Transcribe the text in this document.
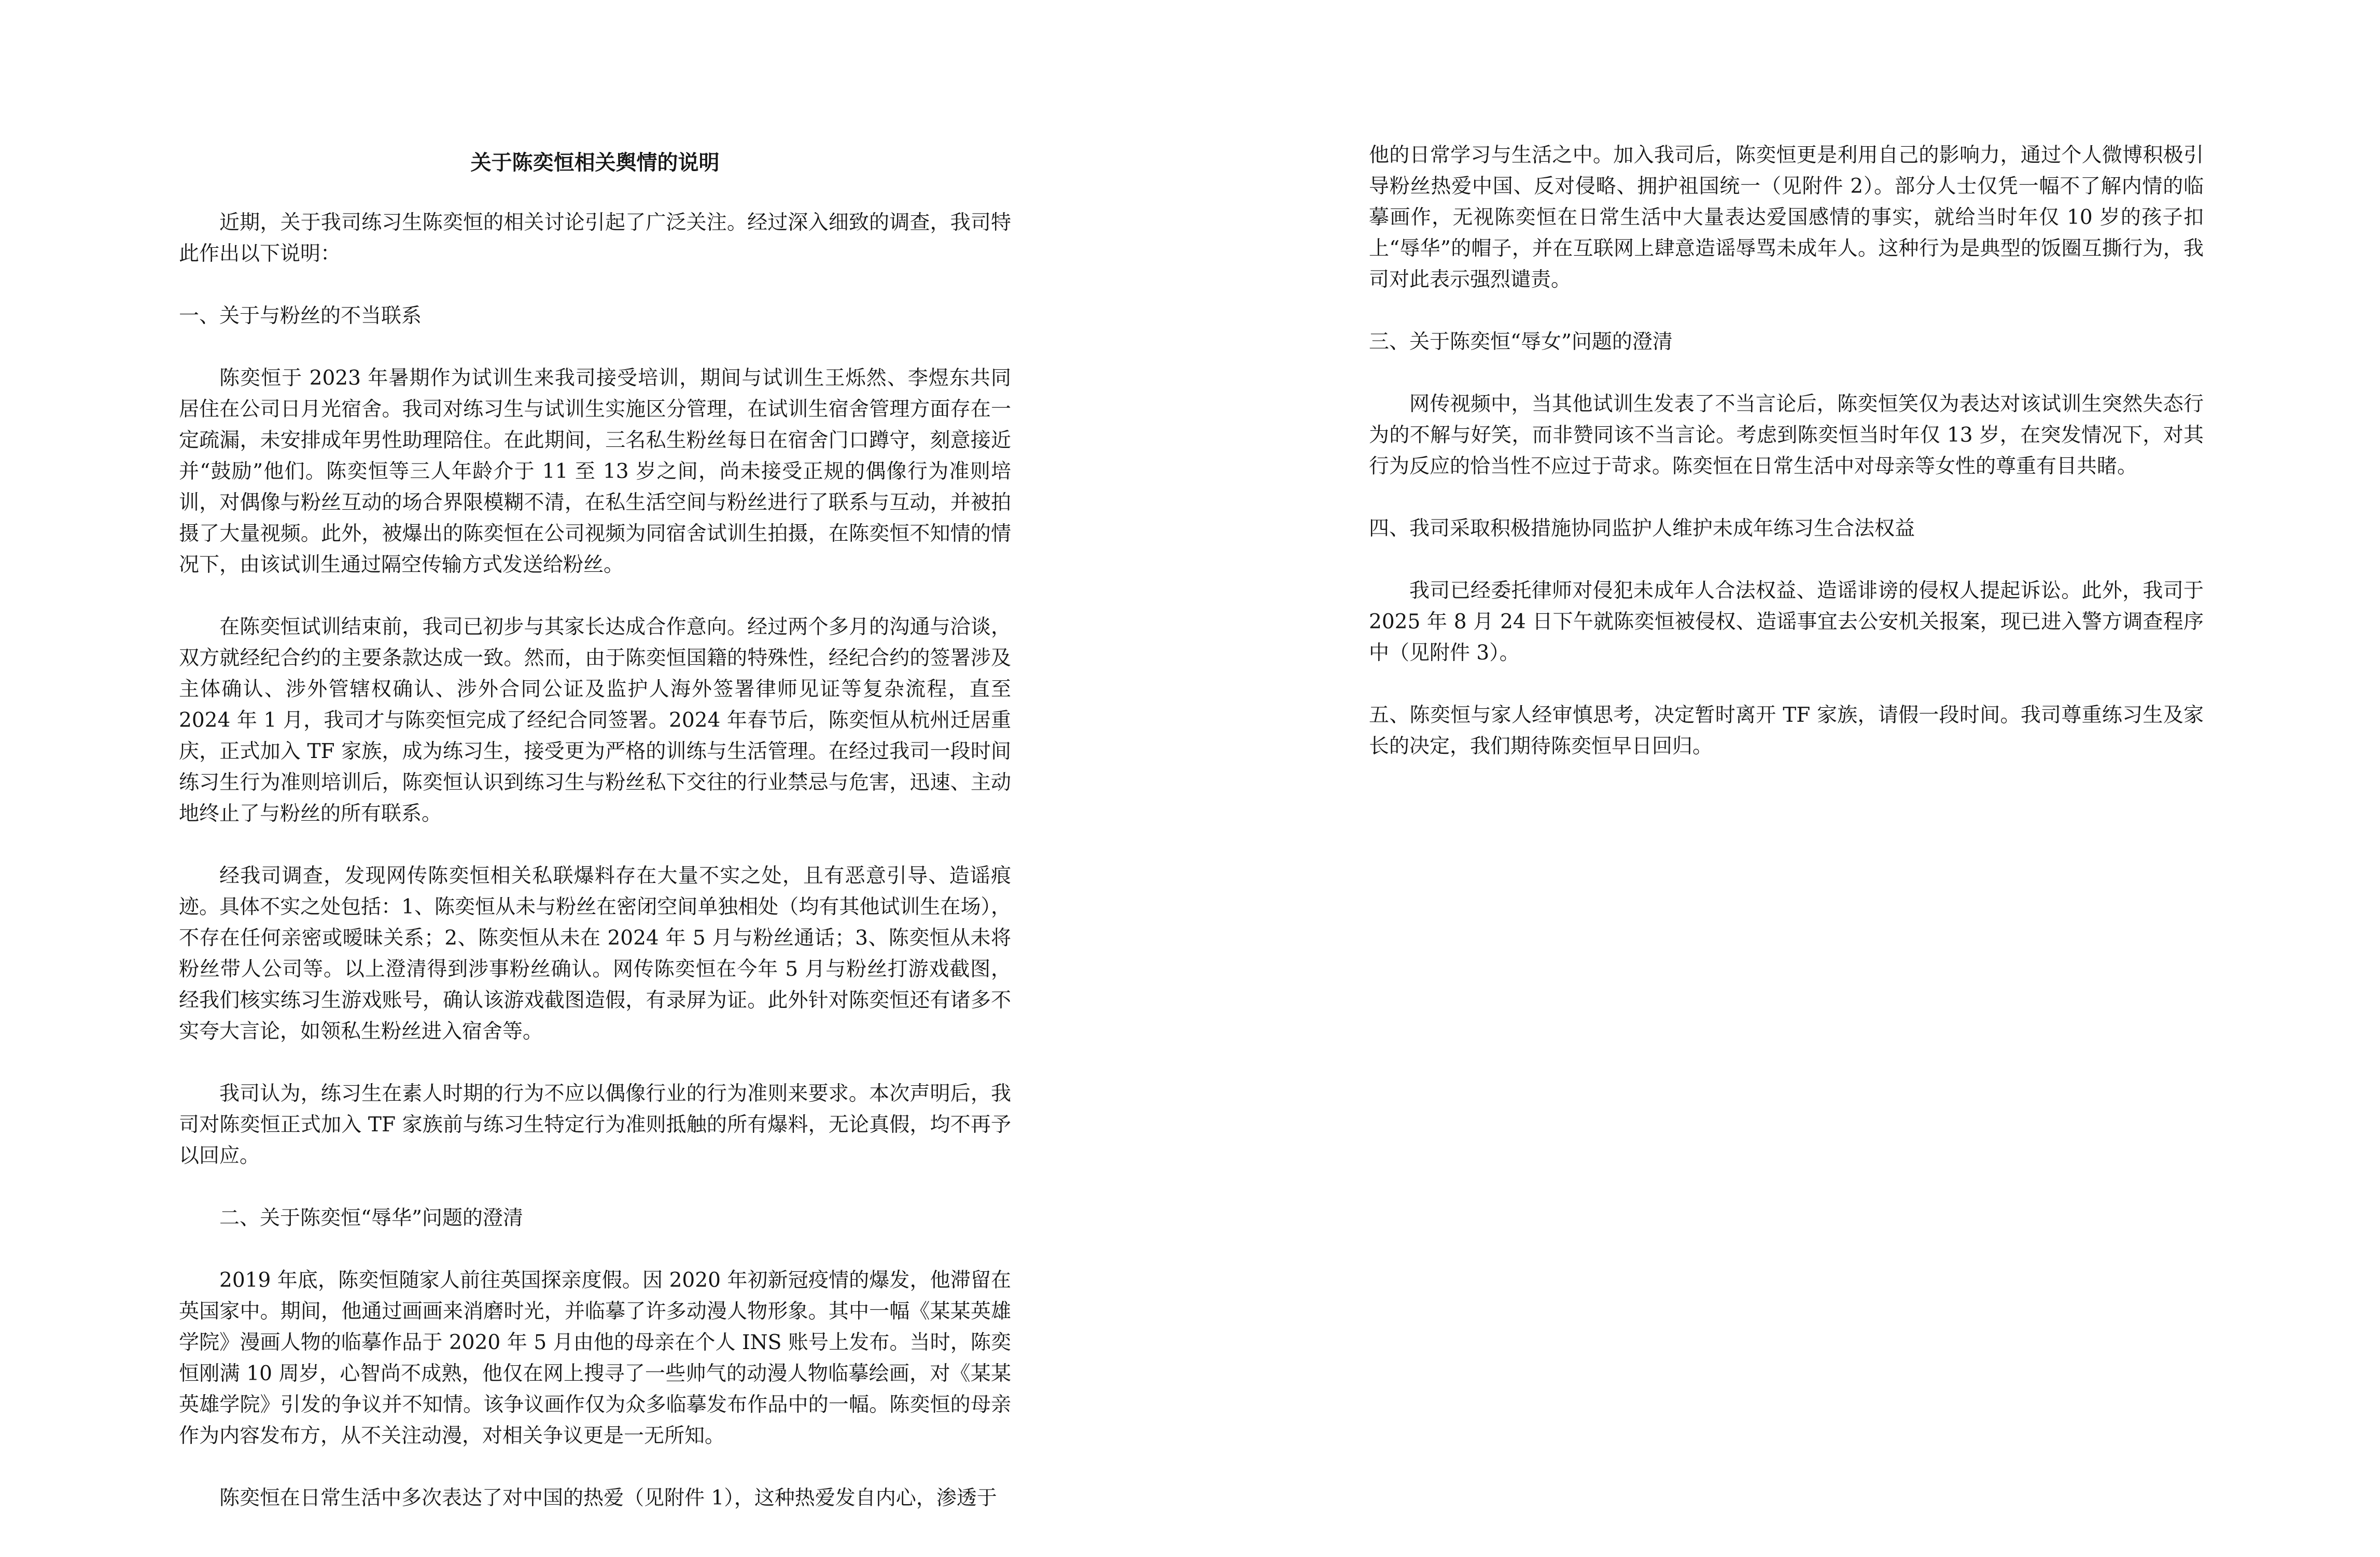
关于陈奕恒相关舆情的说明

近期，关于我司练习生陈奕恒的相关讨论引起了广泛关注。经过深入细致的调查，我司特此作出以下说明：

一、关于与粉丝的不当联系

陈奕恒于 2023 年暑期作为试训生来我司接受培训，期间与试训生王烁然、李煜东共同居住在公司日月光宿舍。我司对练习生与试训生实施区分管理，在试训生宿舍管理方面存在一定疏漏，未安排成年男性助理陪住。在此期间，三名私生粉丝每日在宿舍门口蹲守，刻意接近并“鼓励”他们。陈奕恒等三人年龄介于 11 至 13 岁之间，尚未接受正规的偶像行为准则培训，对偶像与粉丝互动的场合界限模糊不清，在私生活空间与粉丝进行了联系与互动，并被拍摄了大量视频。此外，被爆出的陈奕恒在公司视频为同宿舍试训生拍摄，在陈奕恒不知情的情况下，由该试训生通过隔空传输方式发送给粉丝。

在陈奕恒试训结束前，我司已初步与其家长达成合作意向。经过两个多月的沟通与洽谈，双方就经纪合约的主要条款达成一致。然而，由于陈奕恒国籍的特殊性，经纪合约的签署涉及主体确认、涉外管辖权确认、涉外合同公证及监护人海外签署律师见证等复杂流程，直至 2024 年 1 月，我司才与陈奕恒完成了经纪合同签署。2024 年春节后，陈奕恒从杭州迁居重庆，正式加入 TF 家族，成为练习生，接受更为严格的训练与生活管理。在经过我司一段时间练习生行为准则培训后，陈奕恒认识到练习生与粉丝私下交往的行业禁忌与危害，迅速、主动地终止了与粉丝的所有联系。

经我司调查，发现网传陈奕恒相关私联爆料存在大量不实之处，且有恶意引导、造谣痕迹。具体不实之处包括：1、陈奕恒从未与粉丝在密闭空间单独相处（均有其他试训生在场），不存在任何亲密或暧昧关系；2、陈奕恒从未在 2024 年 5 月与粉丝通话；3、陈奕恒从未将粉丝带人公司等。以上澄清得到涉事粉丝确认。网传陈奕恒在今年 5 月与粉丝打游戏截图，经我们核实练习生游戏账号，确认该游戏截图造假，有录屏为证。此外针对陈奕恒还有诸多不实夸大言论，如领私生粉丝进入宿舍等。

我司认为，练习生在素人时期的行为不应以偶像行业的行为准则来要求。本次声明后，我司对陈奕恒正式加入 TF 家族前与练习生特定行为准则抵触的所有爆料，无论真假，均不再予以回应。

二、关于陈奕恒“辱华”问题的澄清

2019 年底，陈奕恒随家人前往英国探亲度假。因 2020 年初新冠疫情的爆发，他滞留在英国家中。期间，他通过画画来消磨时光，并临摹了许多动漫人物形象。其中一幅《某某英雄学院》漫画人物的临摹作品于 2020 年 5 月由他的母亲在个人 INS 账号上发布。当时，陈奕恒刚满 10 周岁，心智尚不成熟，他仅在网上搜寻了一些帅气的动漫人物临摹绘画，对《某某英雄学院》引发的争议并不知情。该争议画作仅为众多临摹发布作品中的一幅。陈奕恒的母亲作为内容发布方，从不关注动漫，对相关争议更是一无所知。

陈奕恒在日常生活中多次表达了对中国的热爱（见附件 1），这种热爱发自内心，渗透于

他的日常学习与生活之中。加入我司后，陈奕恒更是利用自己的影响力，通过个人微博积极引导粉丝热爱中国、反对侵略、拥护祖国统一（见附件 2）。部分人士仅凭一幅不了解内情的临摹画作，无视陈奕恒在日常生活中大量表达爱国感情的事实，就给当时年仅 10 岁的孩子扣上“辱华”的帽子，并在互联网上肆意造谣辱骂未成年人。这种行为是典型的饭圈互撕行为，我司对此表示强烈谴责。

三、关于陈奕恒“辱女”问题的澄清

网传视频中，当其他试训生发表了不当言论后，陈奕恒笑仅为表达对该试训生突然失态行为的不解与好笑，而非赞同该不当言论。考虑到陈奕恒当时年仅 13 岁，在突发情况下，对其行为反应的恰当性不应过于苛求。陈奕恒在日常生活中对母亲等女性的尊重有目共睹。

四、我司采取积极措施协同监护人维护未成年练习生合法权益

我司已经委托律师对侵犯未成年人合法权益、造谣诽谤的侵权人提起诉讼。此外，我司于 2025 年 8 月 24 日下午就陈奕恒被侵权、造谣事宜去公安机关报案，现已进入警方调查程序中（见附件 3）。

五、陈奕恒与家人经审慎思考，决定暂时离开 TF 家族，请假一段时间。我司尊重练习生及家长的决定，我们期待陈奕恒早日回归。
